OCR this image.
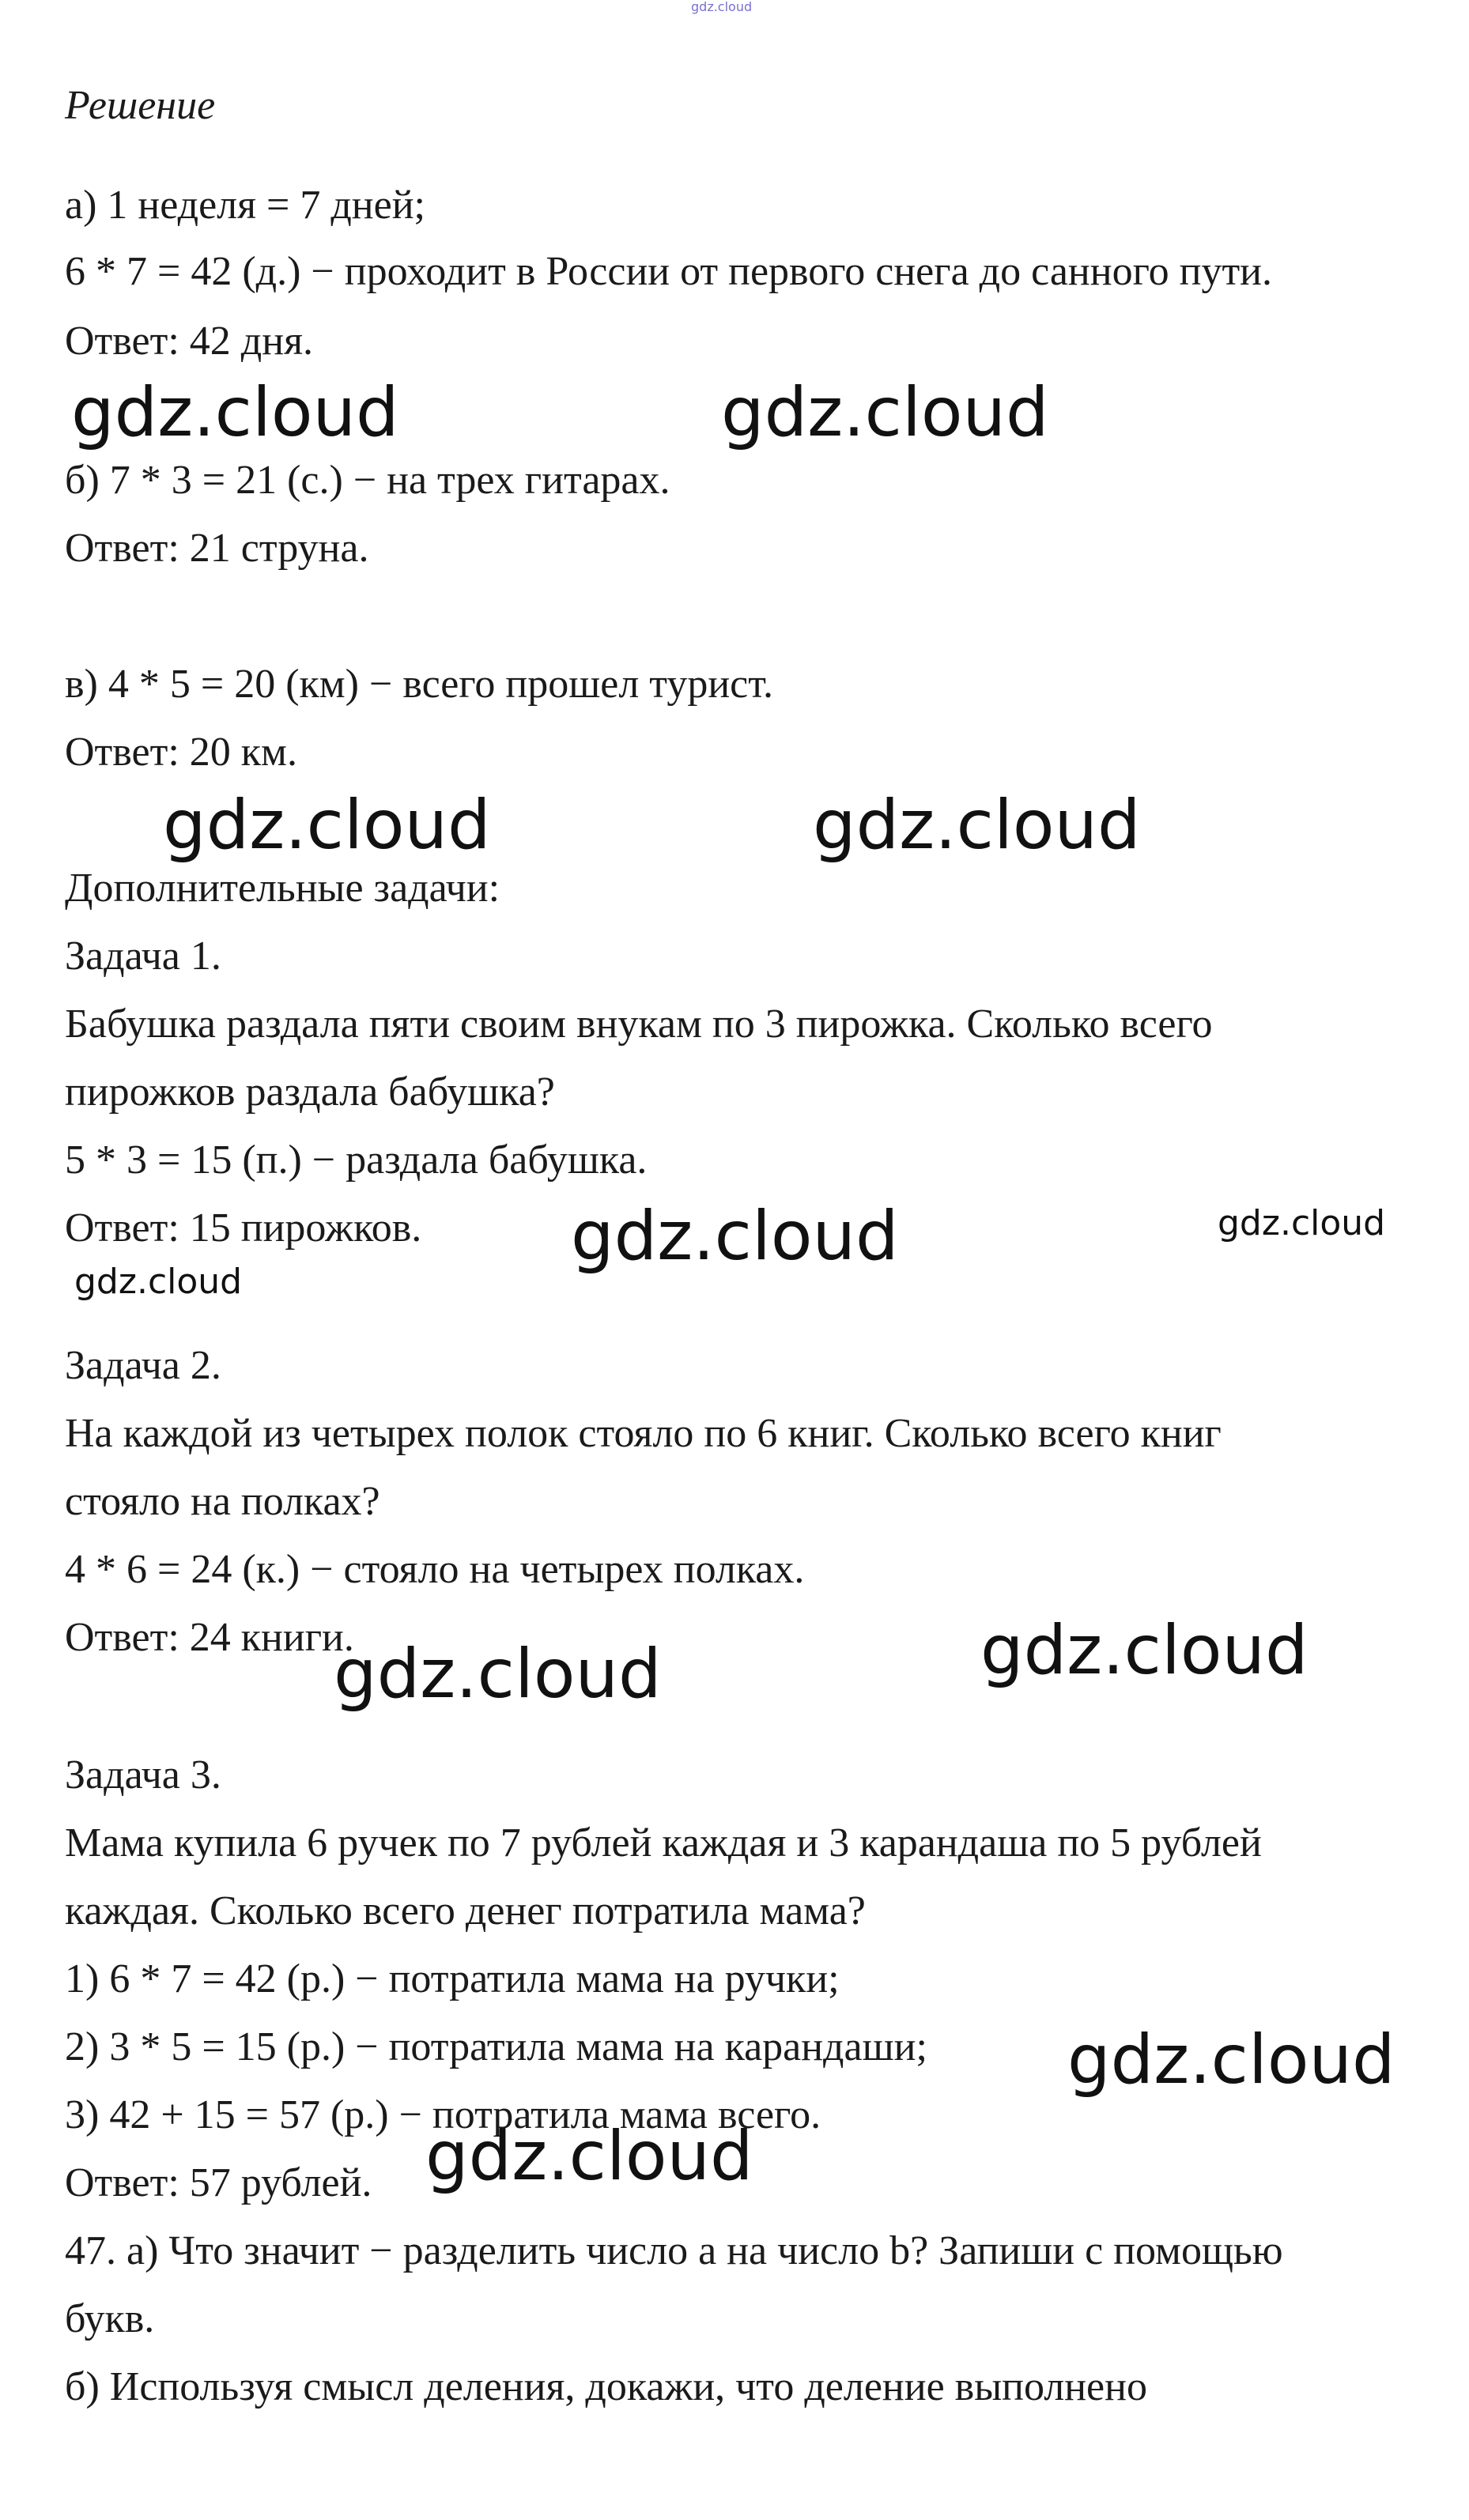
gdz.cloud
Решение
а) 1 неделя = 7 дней;
6 * 7 = 42 (д.) − проходит в России от первого снега до санного пути.
Ответ: 42 дня.
б) 7 * 3 = 21 (с.) − на трех гитарах.
Ответ: 21 струна.
в) 4 * 5 = 20 (км) − всего прошел турист.
Ответ: 20 км.
Дополнительные задачи:
Задача 1.
Бабушка раздала пяти своим внукам по 3 пирожка. Сколько всего
пирожков раздала бабушка?
5 * 3 = 15 (п.) − раздала бабушка.
Ответ: 15 пирожков.
Задача 2.
На каждой из четырех полок стояло по 6 книг. Сколько всего книг
стояло на полках?
4 * 6 = 24 (к.) − стояло на четырех полках.
Ответ: 24 книги.
Задача 3.
Мама купила 6 ручек по 7 рублей каждая и 3 карандаша по 5 рублей
каждая. Сколько всего денег потратила мама?
1) 6 * 7 = 42 (р.) − потратила мама на ручки;
2) 3 * 5 = 15 (р.) − потратила мама на карандаши;
3) 42 + 15 = 57 (р.) − потратила мама всего.
Ответ: 57 рублей.
47. а) Что значит − разделить число а на число b? Запиши с помощью
букв.
б) Используя смысл деления, докажи, что деление выполнено
gdz.cloud	gdz.cloud
gdz.cloud	gdz.cloud
gdz.cloud	gdz.cloud
gdz.cloud
gdz.cloud
gdz.cloud
gdz.cloud
gdz.cloud
